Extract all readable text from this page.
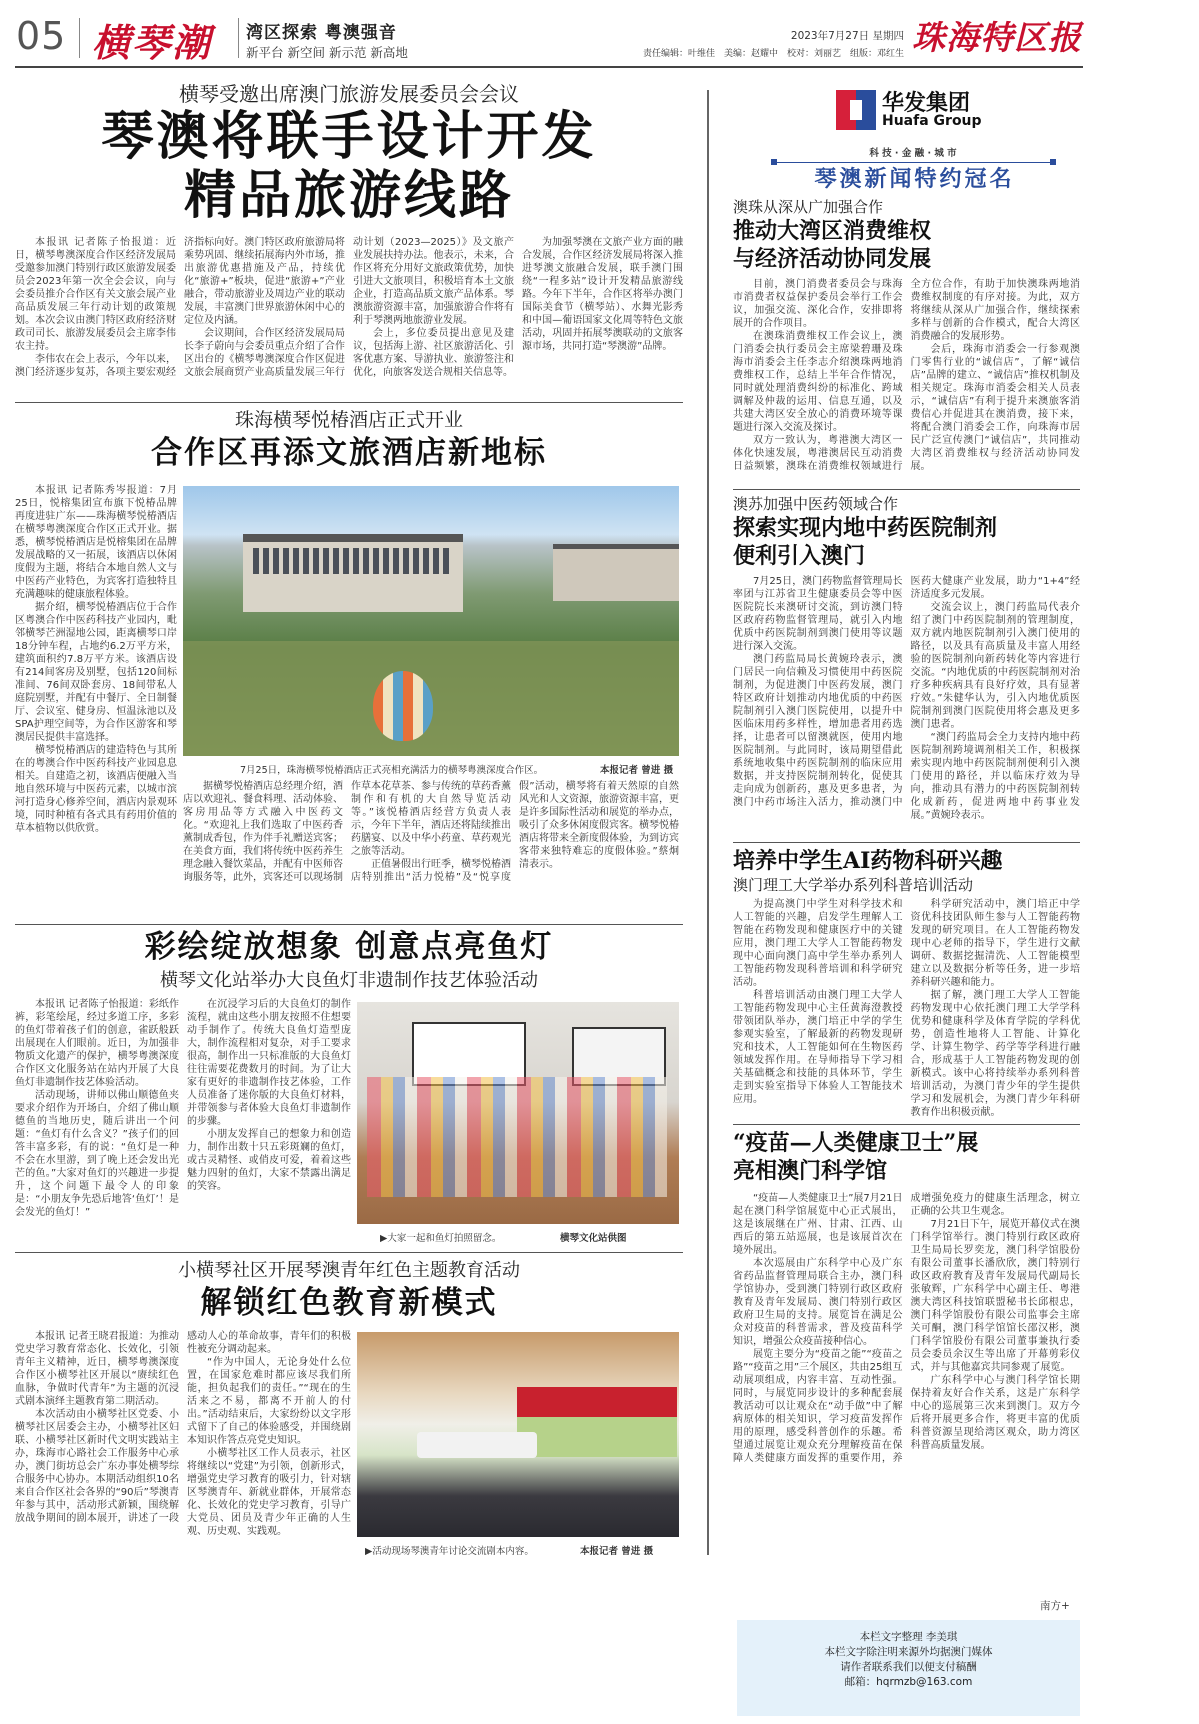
05 横琴潮 湾区探索 粤澳强音
新平台 新空间 新示范 新高地
2023年7月27日 星期四
责任编辑：叶维佳　美编：赵耀中　校对：刘丽艺　组版：邓红生 珠海特区报
横琴受邀出席澳门旅游发展委员会会议
琴澳将联手设计开发
精品旅游线路

本报讯 记者陈子怡报道：近日，横琴粤澳深度合作区经济发展局受邀参加澳门特别行政区旅游发展委员会2023年第一次全会会议，向与会委员推介合作区有关文旅会展产业高品质发展三年行动计划的政策规划。本次会议由澳门特区政府经济财政司司长、旅游发展委员会主席李伟农主持。

李伟农在会上表示，今年以来，澳门经济逐步复苏，各项主要宏观经济指标向好。澳门特区政府旅游局将乘势巩固、继续拓展海内外市场，推出旅游优惠措施及产品，持续优化“旅游+”板块，促进“旅游+”产业融合，带动旅游业及周边产业的联动发展，丰富澳门世界旅游休闲中心的定位及内涵。

会议期间，合作区经济发展局局长李子蔚向与会委员重点介绍了合作区出台的《横琴粤澳深度合作区促进文旅会展商贸产业高质量发展三年行动计划（2023—2025）》及文旅产业发展扶持办法。他表示，未来，合作区将充分用好文旅政策优势，加快引进大文旅项目，积极培育本土文旅企业，打造高品质文旅产品体系。琴澳旅游资源丰富，加强旅游合作将有利于琴澳两地旅游业发展。

会上，多位委员提出意见及建议，包括海上游、社区旅游活化、引客优惠方案、导游执业、旅游签注和优化，向旅客发送合规相关信息等。

为加强琴澳在文旅产业方面的融合发展，合作区经济发展局将深入推进琴澳文旅融合发展，联手澳门围绕“一程多站”设计开发精品旅游线路。今年下半年，合作区将举办澳门国际美食节（横琴站）、水舞光影秀和中国—葡语国家文化周等特色文旅活动，巩固并拓展琴澳联动的文旅客源市场，共同打造“琴澳游”品牌。

珠海横琴悦椿酒店正式开业
合作区再添文旅酒店新地标

本报讯 记者陈秀岑报道：7月25日，悦榕集团宣布旗下悦椿品牌再度进驻广东——珠海横琴悦椿酒店在横琴粤澳深度合作区正式开业。据悉，横琴悦椿酒店是悦榕集团在品牌发展战略的又一拓展，该酒店以休闲度假为主题，将结合本地自然人文与中医药产业特色，为宾客打造独特且充满趣味的健康旅程体验。

据介绍，横琴悦椿酒店位于合作区粤澳合作中医药科技产业园内，毗邻横琴芒洲湿地公园，距离横琴口岸18分钟车程，占地约6.2万平方米，建筑面积约7.8万平方米。该酒店设有214间客房及别墅，包括120间标准间、76间双卧套房、18间带私人庭院别墅，并配有中餐厅、全日制餐厅、会议室、健身房、恒温泳池以及SPA护理空间等，为合作区游客和琴澳居民提供丰富选择。

横琴悦椿酒店的建造特色与其所在的粤澳合作中医药科技产业园息息相关。自建造之初，该酒店便融入当地自然环境与中医药元素，以城市滨河打造身心修养空间，酒店内景观环境，同时种植有各式具有药用价值的草本植物以供欣赏。

7月25日，珠海横琴悦椿酒店正式亮相充满活力的横琴粤澳深度合作区。	本报记者 曾进 摄

据横琴悦椿酒店总经理介绍，酒店以欢迎礼、餐食料理、活动体验、客房用品等方式融入中医药文化。“欢迎礼上我们选取了中医药香薰制成香包，作为伴手礼赠送宾客；在美食方面，我们将传统中医药养生理念融入餐饮菜品，并配有中医师咨询服务等，此外，宾客还可以现场制作草本花草茶、参与传统的草药香薰制作和有机的大自然导览活动等。”该悦椿酒店经营方负责人表示，今年下半年，酒店还将陆续推出药膳宴、以及中华小药童、草药观光之旅等活动。

正值暑假出行旺季，横琴悦椿酒店特别推出“活力悦椿”及“悦享度假”活动，横琴将有着天然原的自然风光和人文资源，旅游资源丰富，更是许多国际性活动和展览的举办点，吸引了众多休闲度假宾客。横琴悦椿酒店将带来全新度假体验，为到访宾客带来独特难忘的度假体验。”蔡炯清表示。

彩绘绽放想象 创意点亮鱼灯
横琴文化站举办大良鱼灯非遗制作技艺体验活动

本报讯 记者陈子怡报道：彩纸作裤，彩笔绘尾，经过多道工序，多彩的鱼灯带着孩子们的创意，雀跃般跃出展现在人们眼前。近日，为加强非物质文化遗产的保护，横琴粤澳深度合作区文化服务站在站内开展了大良鱼灯非遗制作技艺体验活动。

活动现场，讲师以佛山顺德鱼夹要求介绍作为开场白，介绍了佛山顺德鱼的当地历史，随后讲出一个问题：“鱼灯有什么含义？”孩子们的回答丰富多彩，有的说：“鱼灯是一种不会在水里游，到了晚上还会发出光芒的鱼。”大家对鱼灯的兴趣进一步提升，这个问题下最令人的印象是：“小朋友争先恐后地答‘鱼灯’！是会发光的鱼灯！”

在沉浸学习后的大良鱼灯的制作流程，就由这些小朋友按照不住想要动手制作了。传统大良鱼灯造型庞大，制作流程相对复杂，对手工要求很高，制作出一只标准版的大良鱼灯往往需要花费数月的时间。为了让大家有更好的非遗制作技艺体验，工作人员准备了迷你版的大良鱼灯材料，并带领参与者体验大良鱼灯非遗制作的步骤。

小朋友发挥自己的想象力和创造力，制作出数十只五彩斑斓的鱼灯，或古灵精怪、或俏皮可爱，着着这些魅力四射的鱼灯，大家不禁露出满足的笑容。

▶大家一起和鱼灯拍照留念。	横琴文化站供图
小横琴社区开展琴澳青年红色主题教育活动
解锁红色教育新模式

本报讯 记者王晓君报道：为推动党史学习教育常态化、长效化，引领青年主义精神，近日，横琴粤澳深度合作区小横琴社区开展以“赓续红色血脉，争做时代青年”为主题的沉浸式剧本演绎主题教育第二期活动。

本次活动由小横琴社区党委、小横琴社区居委会主办，小横琴社区妇联、小横琴社区新时代文明实践站主办，珠海市心路社会工作服务中心承办，澳门街坊总会广东办事处横琴综合服务中心协办。本期活动组织10名来自合作区社会各界的“90后”琴澳青年参与其中，活动形式新颖，围绕解放战争期间的剧本展开，讲述了一段感动人心的革命故事，青年们的积极性被充分调动起来。

“作为中国人，无论身处什么位置，在国家危难时都应该尽我们所能，担负起我们的责任。”“现在的生活来之不易，都离不开前人的付出。”活动结束后，大家纷纷以文字形式留下了自己的体验感受，并围绕剧本知识作答点亮党史知识。

小横琴社区工作人员表示，社区将继续以“党建”为引领，创新形式，增强党史学习教育的吸引力，针对辖区琴澳青年、新就业群体，开展常态化、长效化的党史学习教育，引导广大党员、团员及青少年正确的人生观、历史观、实践观。

▶活动现场琴澳青年讨论交流剧本内容。	本报记者 曾进 摄
华发集团
Huafa Group
科 技 · 金 融 · 城 市
琴澳新闻特约冠名
澳珠从深从广加强合作
推动大湾区消费维权
与经济活动协同发展

目前，澳门消费者委员会与珠海市消费者权益保护委员会举行工作会议，加强交流、深化合作，安排即将展开的合作项目。

在澳珠消费维权工作会议上，澳门消委会执行委员会主席梁碧珊及珠海市消委会主任李志介绍澳珠两地消费维权工作，总结上半年合作情况，同时就处理消费纠纷的标准化、跨域调解及仲裁的运用、信息互通，以及共建大湾区安全放心的消费环境等课题进行深入交流及探讨。

双方一致认为，粤港澳大湾区一体化快速发展，粤港澳居民互动消费日益频繁，澳珠在消费维权领域进行全方位合作，有助于加快澳珠两地消费维权制度的有序对接。为此，双方将继续从深从广加强合作，继续探索多样与创新的合作模式，配合大湾区消费融合的发展形势。

会后，珠海市消委会一行参观澳门零售行业的“诚信店”，了解“诚信店”品牌的建立、“诚信店”推权机制及相关规定。珠海市消委会相关人员表示，“诚信店”有利于提升来澳旅客消费信心并促进其在澳消费，接下来，将配合澳门消委会工作，向珠海市居民广泛宣传澳门“诚信店”，共同推动大湾区消费维权与经济活动协同发展。

澳苏加强中医药领域合作
探索实现内地中药医院制剂
便利引入澳门

7月25日，澳门药物监督管理局长率团与江苏省卫生健康委员会等中医医院院长来澳研讨交流，到访澳门特区政府药物监督管理局，就引入内地优质中药医院制剂到澳门使用等议题进行深入交流。

澳门药监局局长黄婉玲表示，澳门居民一向信赖及习惯使用中药医院制剂，为促进澳门中医药发展，澳门特区政府计划推动内地优质的中药医院制剂引入澳门医院使用，以提升中医临床用药多样性，增加患者用药选择，让患者可以留澳就医，使用内地医院制剂。与此同时，该局期望借此系统地收集中药医院制剂的临床应用数据，并支持医院制剂转化，促使其走向成为创新药，惠及更多患者，为澳门中药市场注入活力，推动澳门中医药大健康产业发展，助力“1+4”经济适度多元发展。

交流会议上，澳门药监局代表介绍了澳门中药医院制剂的管理制度，双方就内地医院制剂引入澳门使用的路径，以及具有高质量及丰富人用经验的医院制剂向新药转化等内容进行交流。“内地优质的中药医院制剂对治疗多种疾病具有良好疗效，具有显著疗效。”朱健华认为，引入内地优质医院制剂到澳门医院使用将会惠及更多澳门患者。

“澳门药监局会全力支持内地中药医院制剂跨境调剂相关工作，积极探索实现内地中药医院制剂便利引入澳门使用的路径，并以临床疗效为导向，推动具有潜力的中药医院制剂转化成新药，促进两地中药事业发展。”黄婉玲表示。

培养中学生AI药物科研兴趣
澳门理工大学举办系列科普培训活动

为提高澳门中学生对科学技术和人工智能的兴趣，启发学生理解人工智能在药物发现和健康医疗中的关键应用，澳门理工大学人工智能药物发现中心面向澳门高中学生举办系列人工智能药物发现科普培训和科学研究活动。

科普培训活动由澳门理工大学人工智能药物发现中心主任黄海澄教授带领团队举办，澳门培正中学的学生参观实验室，了解最新的药物发现研究和技术，人工智能如何在生物医药领域发挥作用。在导师指导下学习相关基础概念和技能的具体环节，学生走到实验室指导下体验人工智能技术应用。

科学研究活动中，澳门培正中学资优科技团队师生参与人工智能药物发现的研究项目。在人工智能药物发现中心老师的指导下，学生进行文献调研、数据挖掘清洗、人工智能模型建立以及数据分析等任务，进一步培养科研兴趣和能力。

据了解，澳门理工大学人工智能药物发现中心依托澳门理工大学学科优势和健康科学及体育学院的学科优势，创造性地将人工智能、计算化学、计算生物学、药学等学科进行融合，形成基于人工智能药物发现的创新模式。该中心将持续举办系列科普培训活动，为澳门青少年的学生提供学习和发展机会，为澳门青少年科研教育作出积极贡献。

“疫苗—人类健康卫士”展
亮相澳门科学馆

“疫苗—人类健康卫士”展7月21日起在澳门科学馆展览中心正式展出，这是该展继在广州、甘肃、江西、山西后的第五站巡展，也是该展首次在境外展出。

本次巡展由广东科学中心及广东省药品监督管理局联合主办，澳门科学馆协办，受到澳门特别行政区政府教育及青年发展局、澳门特别行政区政府卫生局的支持。展览旨在满足公众对疫苗的科普需求，普及疫苗科学知识，增强公众疫苗接种信心。

展览主要分为“疫苗之能”“疫苗之路”“疫苗之用”三个展区，共由25组互动展项组成，内容丰富、互动性强。同时，与展览同步设计的多种配套展教活动可以让观众在“动手做”中了解病原体的相关知识，学习疫苗发挥作用的原理，感受科普创作的乐趣。希望通过展览让观众充分理解疫苗在保障人类健康方面发挥的重要作用，养成增强免疫力的健康生活理念，树立正确的公共卫生观念。

7月21日下午，展览开幕仪式在澳门科学馆举行。澳门特别行政区政府卫生局局长罗奕龙，澳门科学馆股份有限公司董事长潘欣欣，澳门特别行政区政府教育及青年发展局代副局长张敏辉，广东科学中心副主任、粤港澳大湾区科技馆联盟秘书长邱根忠，澳门科学馆股份有限公司监事会主席关可酮，澳门科学馆馆长邵汉彬，澳门科学馆股份有限公司董事兼执行委员会委员余汉生等出席了开幕剪彩仪式，并与其他嘉宾共同参观了展览。

广东科学中心与澳门科学馆长期保持着友好合作关系，这是广东科学中心的巡展第三次来到澳门。双方今后将开展更多合作，将更丰富的优质科普资源呈现给湾区观众，助力湾区科普高质量发展。

南方+
本栏文字整理 李美琪
本栏文字除注明来源外均据澳门媒体
请作者联系我们以便支付稿酬
邮箱：hqrmzb@163.com
